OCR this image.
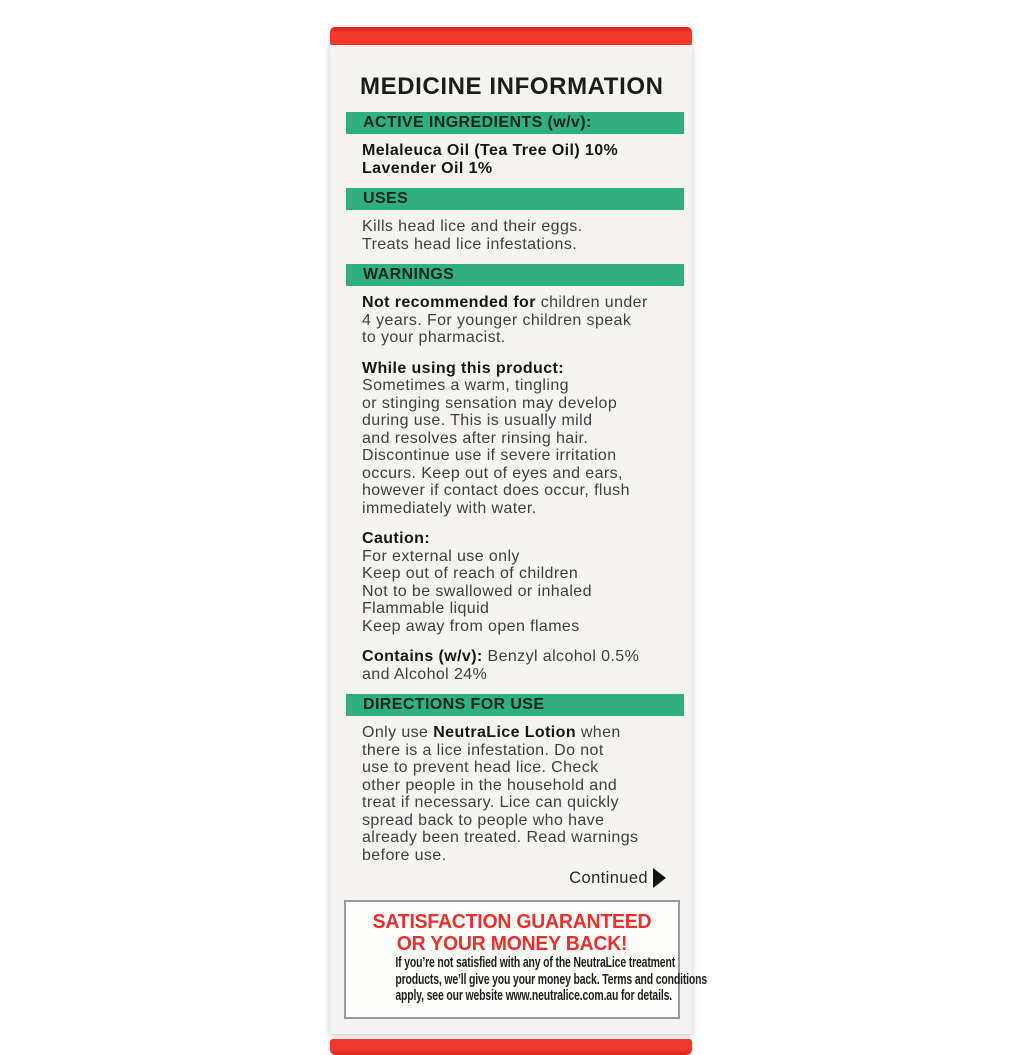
MEDICINE INFORMATION
ACTIVE INGREDIENTS (w/v):
Melaleuca Oil (Tea Tree Oil) 10%
Lavender Oil 1%
USES
Kills head lice and their eggs.
Treats head lice infestations.
WARNINGS
Not recommended for children under
4 years. For younger children speak
to your pharmacist.
While using this product:
Sometimes a warm, tingling
or stinging sensation may develop
during use. This is usually mild
and resolves after rinsing hair.
Discontinue use if severe irritation
occurs. Keep out of eyes and ears,
however if contact does occur, flush
immediately with water.
Caution:
For external use only
Keep out of reach of children
Not to be swallowed or inhaled
Flammable liquid
Keep away from open flames
Contains (w/v): Benzyl alcohol 0.5%
and Alcohol 24%
DIRECTIONS FOR USE
Only use NeutraLice Lotion when
there is a lice infestation. Do not
use to prevent head lice. Check
other people in the household and
treat if necessary. Lice can quickly
spread back to people who have
already been treated. Read warnings
before use.
Continued
SATISFACTION GUARANTEED
OR YOUR MONEY BACK!
If you’re not satisfied with any of the NeutraLice treatment
products, we’ll give you your money back. Terms and conditions
apply, see our website www.neutralice.com.au for details.
